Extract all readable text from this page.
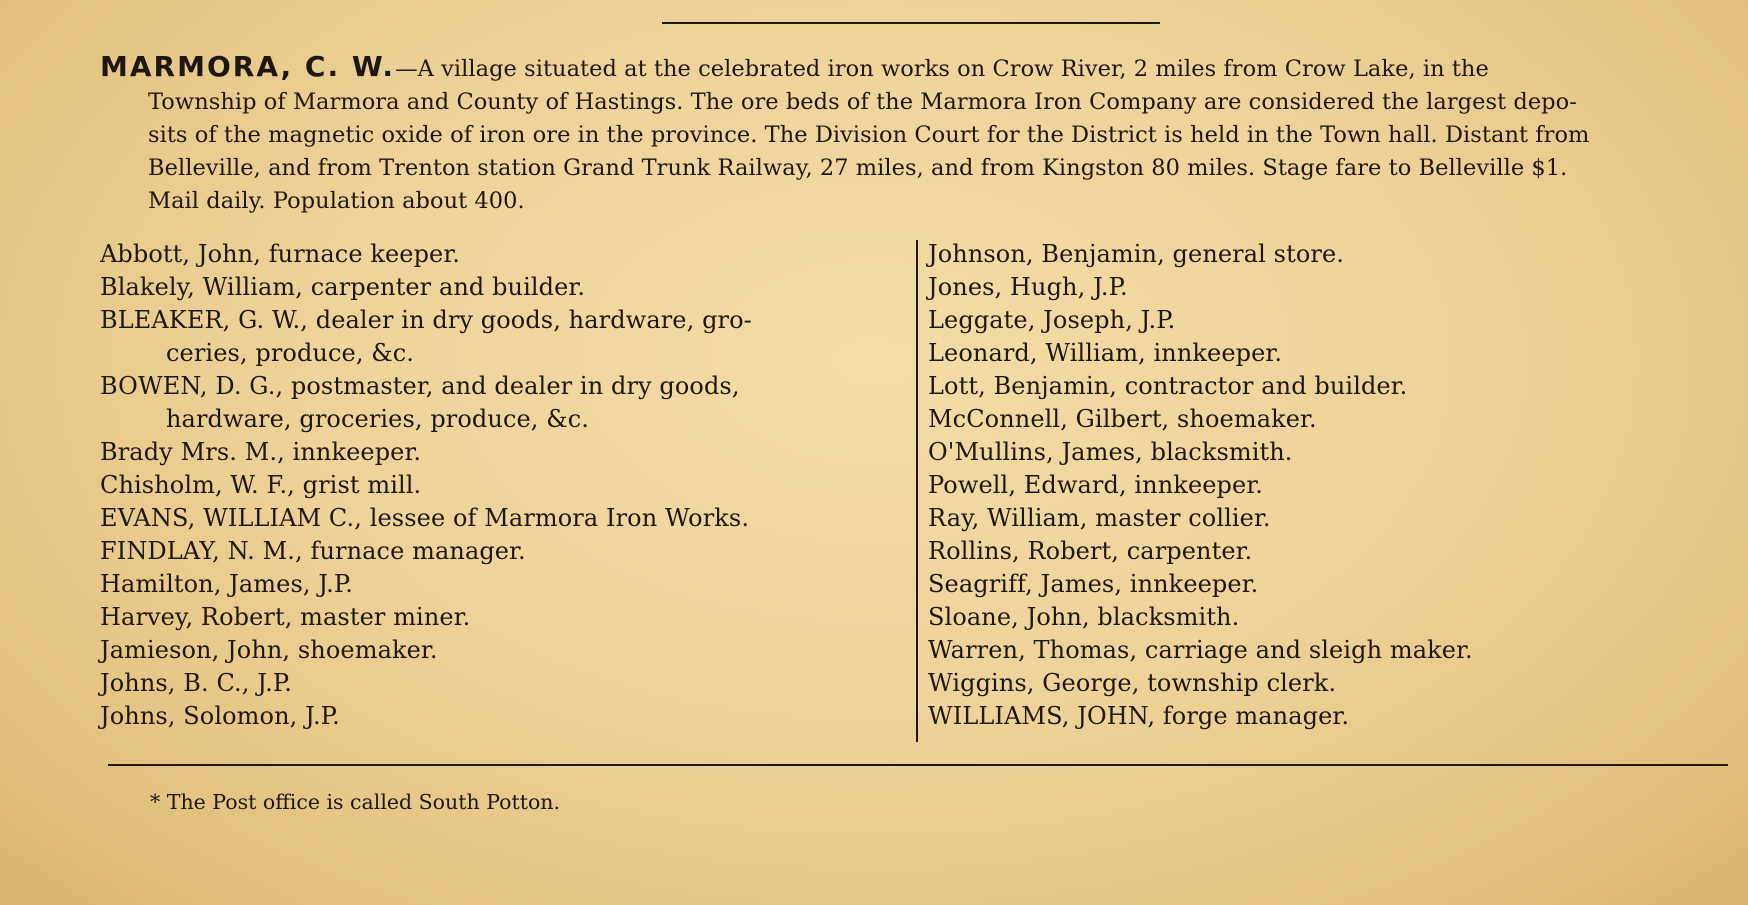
MARMORA, C. W.—A village situated at the celebrated iron works on Crow River, 2 miles from Crow Lake, in the
Township of Marmora and County of Hastings. The ore beds of the Marmora Iron Company are considered the largest depo-
sits of the magnetic oxide of iron ore in the province. The Division Court for the District is held in the Town hall. Distant from
Belleville, and from Trenton station Grand Trunk Railway, 27 miles, and from Kingston 80 miles. Stage fare to Belleville $1.
Mail daily. Population about 400.
Abbott, John, furnace keeper.
Blakely, William, carpenter and builder.
BLEAKER, G. W., dealer in dry goods, hardware, gro-
ceries, produce, &c.
BOWEN, D. G., postmaster, and dealer in dry goods,
hardware, groceries, produce, &c.
Brady Mrs. M., innkeeper.
Chisholm, W. F., grist mill.
EVANS, WILLIAM C., lessee of Marmora Iron Works.
FINDLAY, N. M., furnace manager.
Hamilton, James, J.P.
Harvey, Robert, master miner.
Jamieson, John, shoemaker.
Johns, B. C., J.P.
Johns, Solomon, J.P.
Johnson, Benjamin, general store.
Jones, Hugh, J.P.
Leggate, Joseph, J.P.
Leonard, William, innkeeper.
Lott, Benjamin, contractor and builder.
McConnell, Gilbert, shoemaker.
O'Mullins, James, blacksmith.
Powell, Edward, innkeeper.
Ray, William, master collier.
Rollins, Robert, carpenter.
Seagriff, James, innkeeper.
Sloane, John, blacksmith.
Warren, Thomas, carriage and sleigh maker.
Wiggins, George, township clerk.
WILLIAMS, JOHN, forge manager.
* The Post office is called South Potton.
